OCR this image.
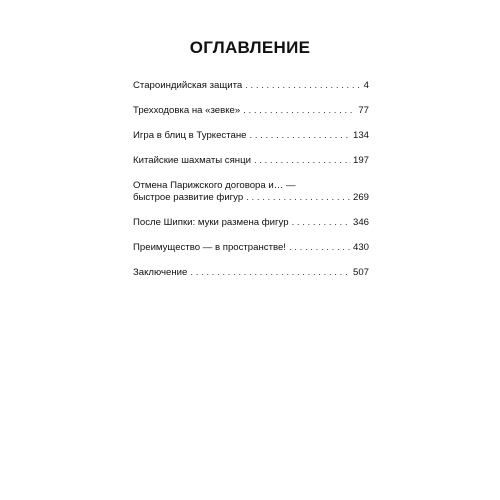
ОГЛАВЛЕНИЕ
Староиндийская защита . . .	4
Трехходовка на «зевке» . . .	77
Игра в блиц в Туркестане . . .	134
Китайские шахматы сянци . . .	197
Отмена Парижского договора и… —
быстрое развитие фигур . . .	269
После Шипки: муки размена фигур . . .	346
Преимущество — в пространстве! . . .	430
Заключение . . .	507
